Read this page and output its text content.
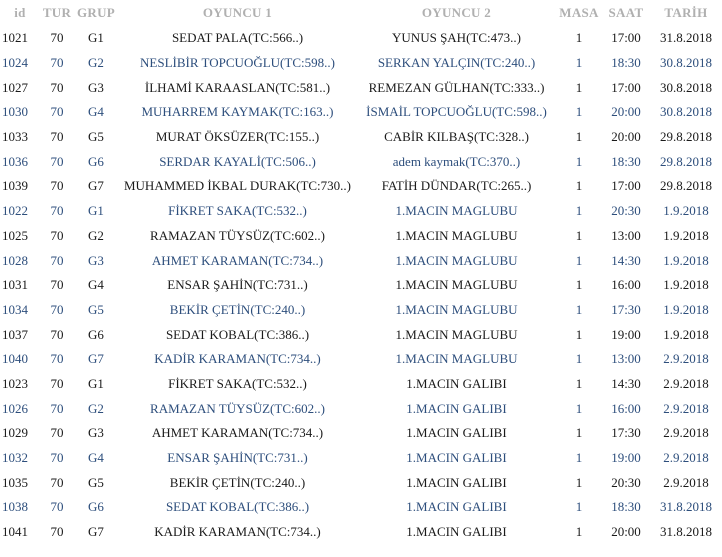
id	TUR	GRUP	OYUNCU 1	OYUNCU 2	MASA	SAAT	TARİH
1021	70	G1	SEDAT PALA(TC:566..)	YUNUS ŞAH(TC:473..)	1	17:00	31.8.2018
1024	70	G2	NESLİBİR TOPCUOĞLU(TC:598..)	SERKAN YALÇIN(TC:240..)	1	18:30	30.8.2018
1027	70	G3	İLHAMİ KARAASLAN(TC:581..)	REMEZAN GÜLHAN(TC:333..)	1	17:00	30.8.2018
1030	70	G4	MUHARREM KAYMAK(TC:163..)	İSMAİL TOPCUOĞLU(TC:598..)	1	20:00	30.8.2018
1033	70	G5	MURAT ÖKSÜZER(TC:155..)	CABİR KILBAŞ(TC:328..)	1	20:00	29.8.2018
1036	70	G6	SERDAR KAYALİ(TC:506..)	adem kaymak(TC:370..)	1	18:30	29.8.2018
1039	70	G7	MUHAMMED İKBAL DURAK(TC:730..)	FATİH DÜNDAR(TC:265..)	1	17:00	29.8.2018
1022	70	G1	FİKRET SAKA(TC:532..)	1.MACIN MAGLUBU	1	20:30	1.9.2018
1025	70	G2	RAMAZAN TÜYSÜZ(TC:602..)	1.MACIN MAGLUBU	1	13:00	1.9.2018
1028	70	G3	AHMET KARAMAN(TC:734..)	1.MACIN MAGLUBU	1	14:30	1.9.2018
1031	70	G4	ENSAR ŞAHİN(TC:731..)	1.MACIN MAGLUBU	1	16:00	1.9.2018
1034	70	G5	BEKİR ÇETİN(TC:240..)	1.MACIN MAGLUBU	1	17:30	1.9.2018
1037	70	G6	SEDAT KOBAL(TC:386..)	1.MACIN MAGLUBU	1	19:00	1.9.2018
1040	70	G7	KADİR KARAMAN(TC:734..)	1.MACIN MAGLUBU	1	13:00	2.9.2018
1023	70	G1	FİKRET SAKA(TC:532..)	1.MACIN GALIBI	1	14:30	2.9.2018
1026	70	G2	RAMAZAN TÜYSÜZ(TC:602..)	1.MACIN GALIBI	1	16:00	2.9.2018
1029	70	G3	AHMET KARAMAN(TC:734..)	1.MACIN GALIBI	1	17:30	2.9.2018
1032	70	G4	ENSAR ŞAHİN(TC:731..)	1.MACIN GALIBI	1	19:00	2.9.2018
1035	70	G5	BEKİR ÇETİN(TC:240..)	1.MACIN GALIBI	1	20:30	2.9.2018
1038	70	G6	SEDAT KOBAL(TC:386..)	1.MACIN GALIBI	1	18:30	31.8.2018
1041	70	G7	KADİR KARAMAN(TC:734..)	1.MACIN GALIBI	1	20:00	31.8.2018
